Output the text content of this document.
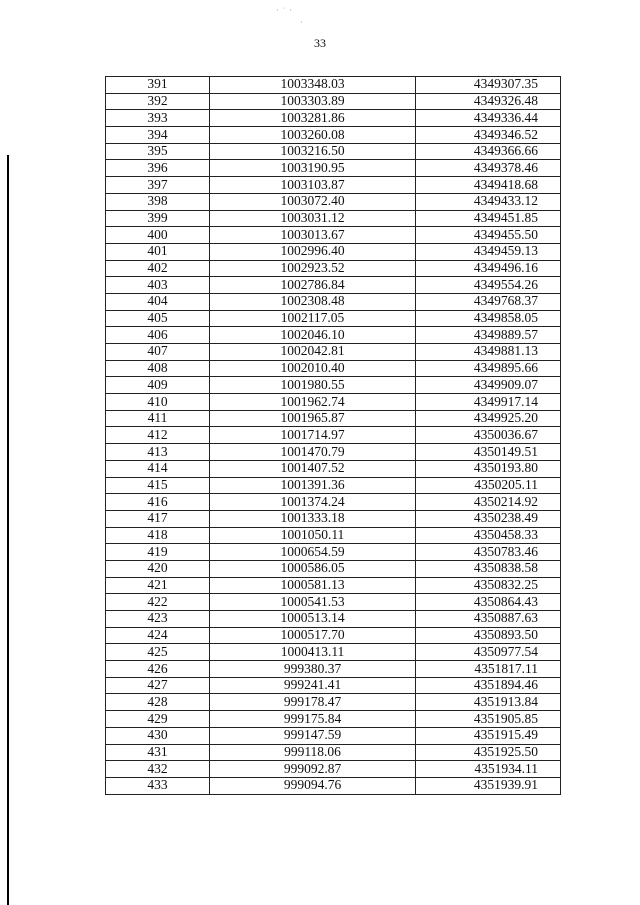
· ˙ ·
·
33
391	1003348.03	4349307.35
392	1003303.89	4349326.48
393	1003281.86	4349336.44
394	1003260.08	4349346.52
395	1003216.50	4349366.66
396	1003190.95	4349378.46
397	1003103.87	4349418.68
398	1003072.40	4349433.12
399	1003031.12	4349451.85
400	1003013.67	4349455.50
401	1002996.40	4349459.13
402	1002923.52	4349496.16
403	1002786.84	4349554.26
404	1002308.48	4349768.37
405	1002117.05	4349858.05
406	1002046.10	4349889.57
407	1002042.81	4349881.13
408	1002010.40	4349895.66
409	1001980.55	4349909.07
410	1001962.74	4349917.14
411	1001965.87	4349925.20
412	1001714.97	4350036.67
413	1001470.79	4350149.51
414	1001407.52	4350193.80
415	1001391.36	4350205.11
416	1001374.24	4350214.92
417	1001333.18	4350238.49
418	1001050.11	4350458.33
419	1000654.59	4350783.46
420	1000586.05	4350838.58
421	1000581.13	4350832.25
422	1000541.53	4350864.43
423	1000513.14	4350887.63
424	1000517.70	4350893.50
425	1000413.11	4350977.54
426	999380.37	4351817.11
427	999241.41	4351894.46
428	999178.47	4351913.84
429	999175.84	4351905.85
430	999147.59	4351915.49
431	999118.06	4351925.50
432	999092.87	4351934.11
433	999094.76	4351939.91
